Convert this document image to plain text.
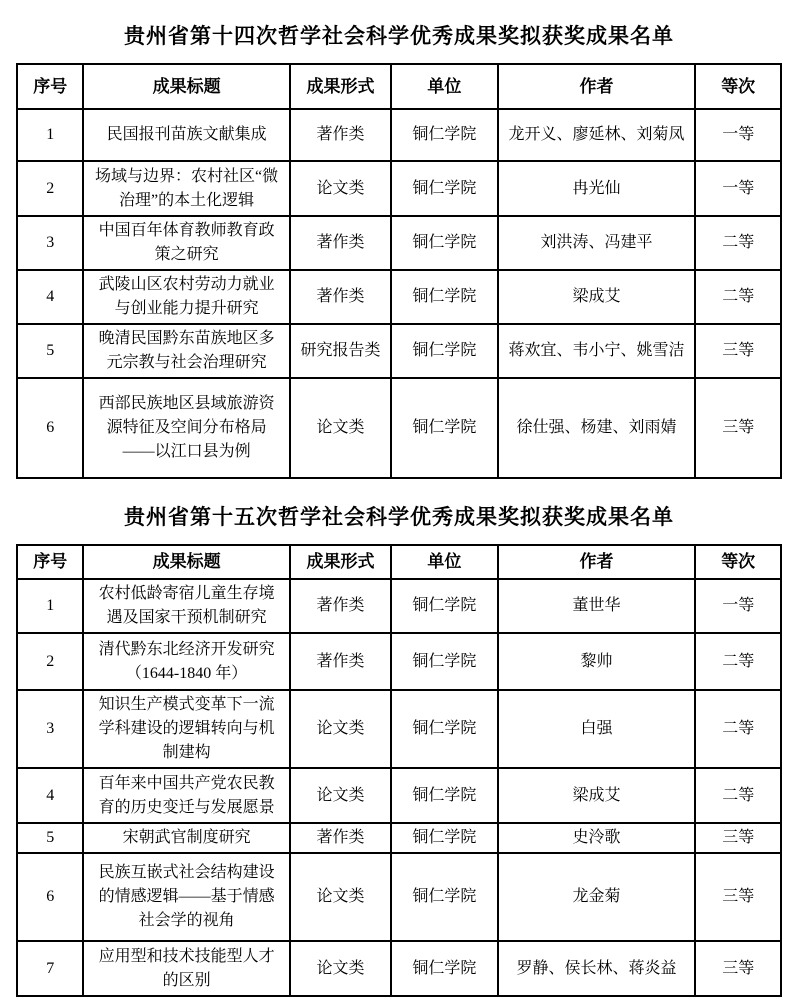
贵州省第十四次哲学社会科学优秀成果奖拟获奖成果名单
序号	成果标题	成果形式	单位	作者	等次
1	民国报刊苗族文献集成	著作类	铜仁学院	龙开义、廖延林、刘菊凤	一等
2	场域与边界：农村社区“微治理”的本土化逻辑	论文类	铜仁学院	冉光仙	一等
3	中国百年体育教师教育政策之研究	著作类	铜仁学院	刘洪涛、冯建平	二等
4	武陵山区农村劳动力就业与创业能力提升研究	著作类	铜仁学院	梁成艾	二等
5	晚清民国黔东苗族地区多元宗教与社会治理研究	研究报告类	铜仁学院	蒋欢宜、韦小宁、姚雪洁	三等
6	西部民族地区县域旅游资源特征及空间分布格局——以江口县为例	论文类	铜仁学院	徐仕强、杨建、刘雨婧	三等
贵州省第十五次哲学社会科学优秀成果奖拟获奖成果名单
序号	成果标题	成果形式	单位	作者	等次
1	农村低龄寄宿儿童生存境遇及国家干预机制研究	著作类	铜仁学院	董世华	一等
2	清代黔东北经济开发研究（1644-1840 年）	著作类	铜仁学院	黎帅	二等
3	知识生产模式变革下一流学科建设的逻辑转向与机制建构	论文类	铜仁学院	白强	二等
4	百年来中国共产党农民教育的历史变迁与发展愿景	论文类	铜仁学院	梁成艾	二等
5	宋朝武官制度研究	著作类	铜仁学院	史泠歌	三等
6	民族互嵌式社会结构建设的情感逻辑——基于情感社会学的视角	论文类	铜仁学院	龙金菊	三等
7	应用型和技术技能型人才的区别	论文类	铜仁学院	罗静、侯长林、蒋炎益	三等
